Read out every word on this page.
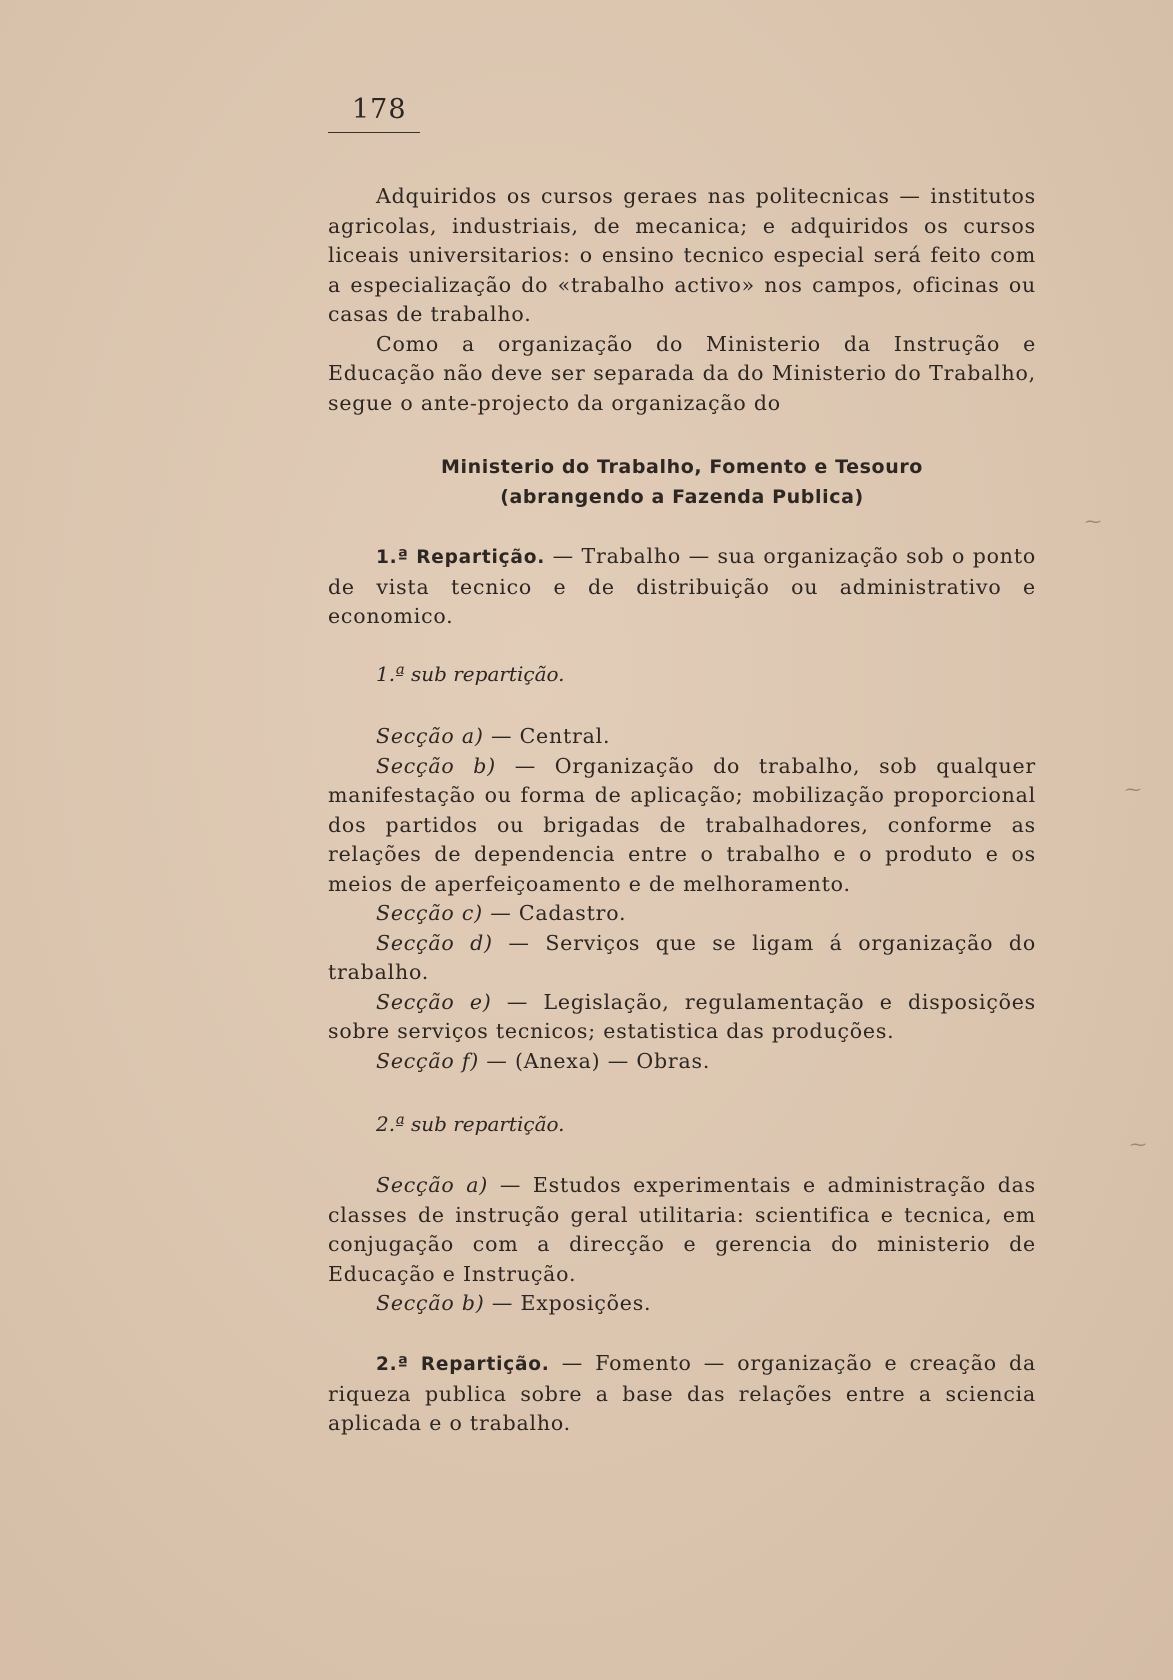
178

Adquiridos os cursos geraes nas politecnicas — institutos agricolas, industriais, de mecanica; e adquiridos os cursos liceais universitarios: o ensino tecnico especial será feito com a especialização do «trabalho activo» nos campos, oficinas ou casas de trabalho.

Como a organização do Ministerio da Instrução e Educação não deve ser separada da do Ministerio do Trabalho, segue o ante-projecto da organização do

Ministerio do Trabalho, Fomento e Tesouro

(abrangendo a Fazenda Publica)

1.ª Repartição. — Trabalho — sua organização sob o ponto de vista tecnico e de distribuição ou administrativo e economico.

1.ª sub repartição.

Secção a) — Central.

Secção b) — Organização do trabalho, sob qualquer manifestação ou forma de aplicação; mobilização proporcional dos partidos ou brigadas de trabalhadores, conforme as relações de dependencia entre o trabalho e o produto e os meios de aperfeiçoamento e de melhoramento.

Secção c) — Cadastro.

Secção d) — Serviços que se ligam á organização do trabalho.

Secção e) — Legislação, regulamentação e disposições sobre serviços tecnicos; estatistica das produções.

Secção f) — (Anexa) — Obras.

2.ª sub repartição.

Secção a) — Estudos experimentais e administração das classes de instrução geral utilitaria: scientifica e tecnica, em conjugação com a direcção e gerencia do ministerio de Educação e Instrução.

Secção b) — Exposições.

2.ª Repartição. — Fomento — organização e creação da riqueza publica sobre a base das relações entre a sciencia aplicada e o trabalho.

⁓
⁓
⁓
